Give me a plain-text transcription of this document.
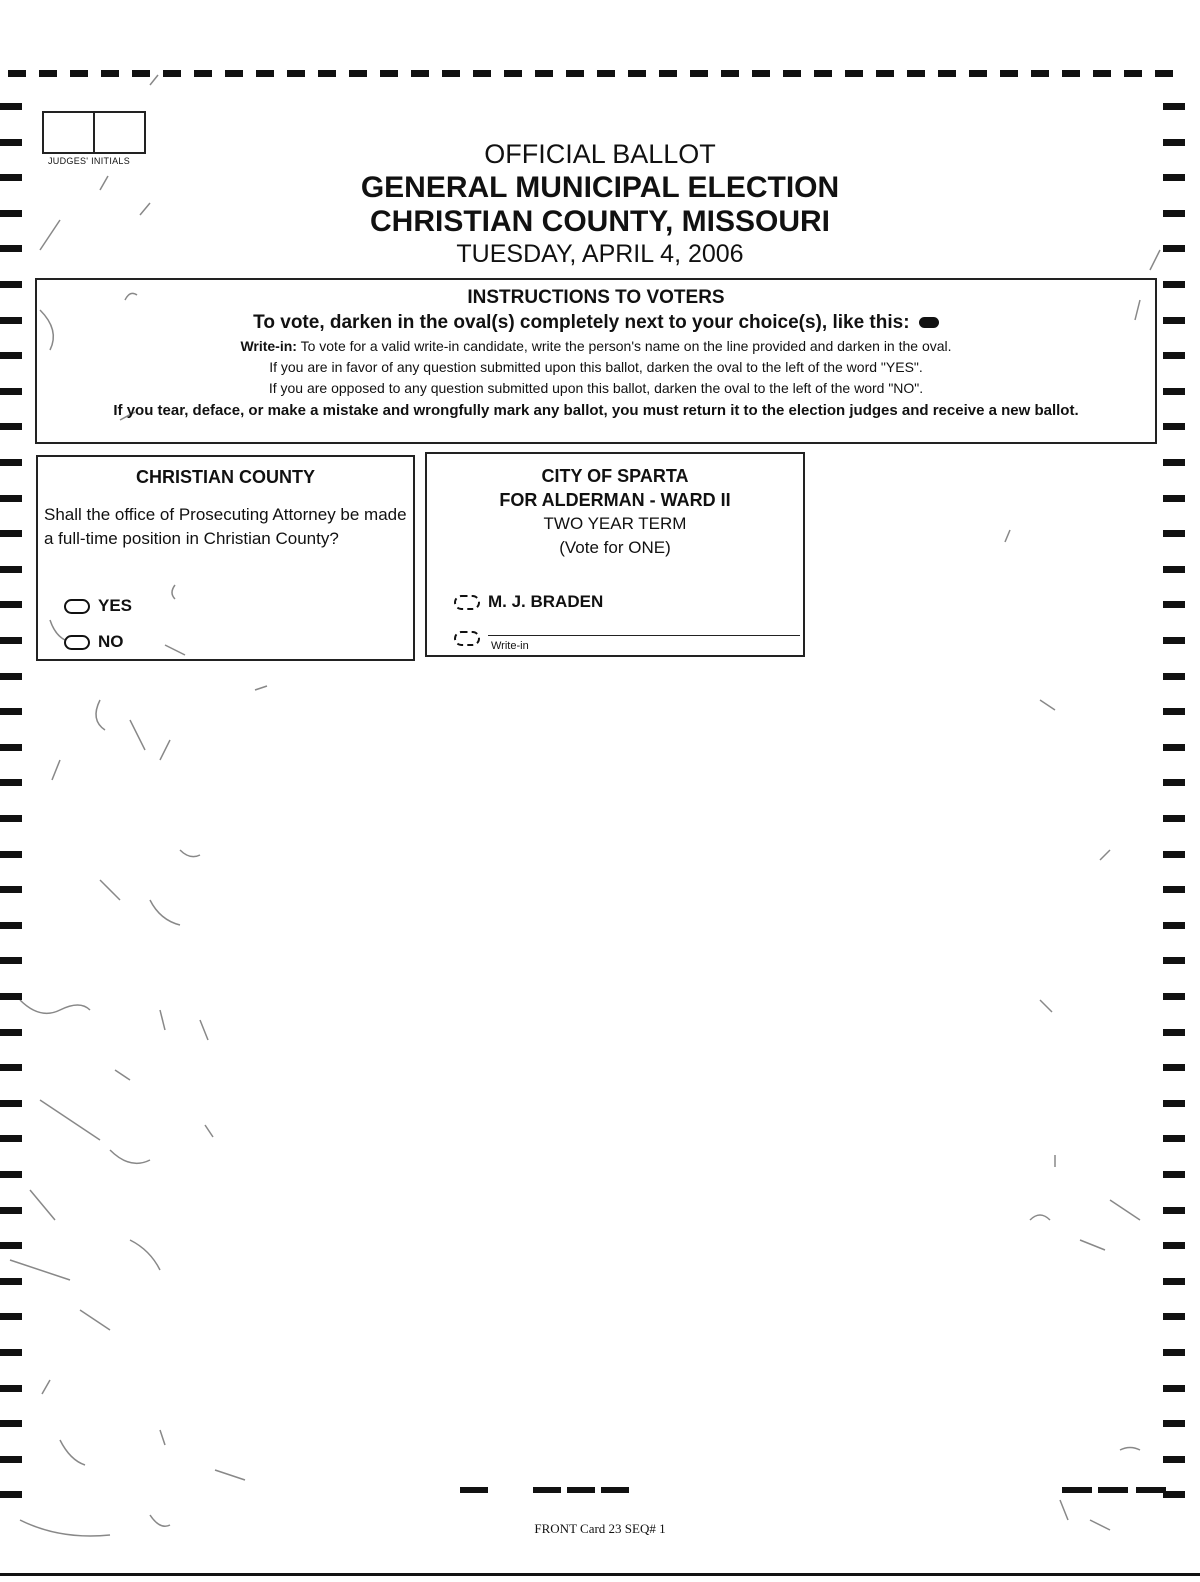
JUDGES' INITIALS	OFFICIAL BALLOT
GENERAL MUNICIPAL ELECTION
CHRISTIAN COUNTY, MISSOURI
TUESDAY, APRIL 4, 2006
INSTRUCTIONS TO VOTERS
To vote, darken in the oval(s) completely next to your choice(s), like this:
Write-in: To vote for a valid write-in candidate, write the person's name on the line provided and darken in the oval.
If you are in favor of any question submitted upon this ballot, darken the oval to the left of the word "YES".
If you are opposed to any question submitted upon this ballot, darken the oval to the left of the word "NO".
If you tear, deface, or make a mistake and wrongfully mark any ballot, you must return it to the election judges and receive a new ballot.
CHRISTIAN COUNTY

Shall the office of Prosecuting Attorney be made a full-time position in Christian County?

YES
NO
CITY OF SPARTA
FOR ALDERMAN - WARD II
TWO YEAR TERM
(Vote for ONE)
M. J. BRADEN
Write-in
FRONT Card 23 SEQ# 1
